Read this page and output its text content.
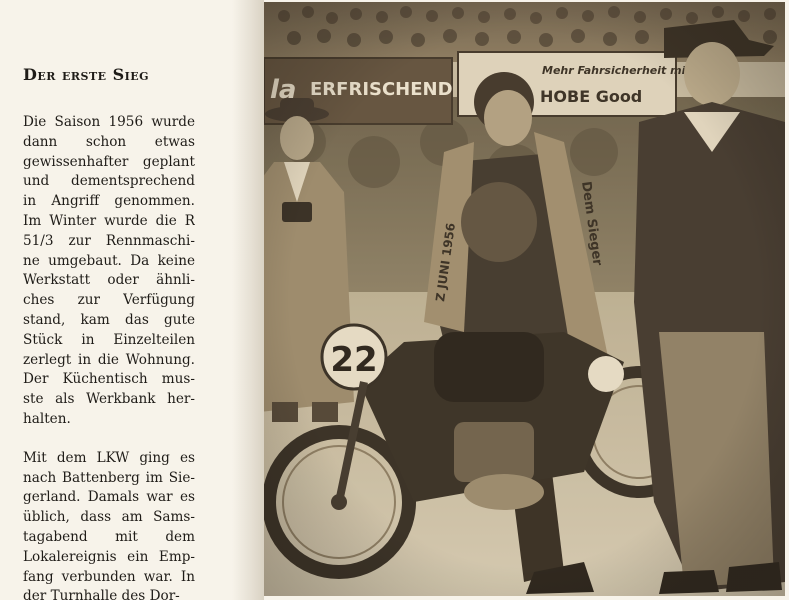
Der erste Sieg

Die Saison 1956 wurde
dann schon etwas
gewissenhafter geplant
und dementsprechend
in Angriff genommen.
Im Winter wurde die R
51/3 zur Rennmaschi-
ne umgebaut. Da keine
Werkstatt oder ähnli-
ches zur Verfügung
stand, kam das gute
Stück in Einzelteilen
zerlegt in die Wohnung.
Der Küchentisch mus-
ste als Werkbank her-
halten.

Mit dem LKW ging es
nach Battenberg im Sie-
gerland. Damals war es
üblich, dass am Sams-
tagabend mit dem
Lokalereignis ein Emp-
fang verbunden war. In
der Turnhalle des Dor-
